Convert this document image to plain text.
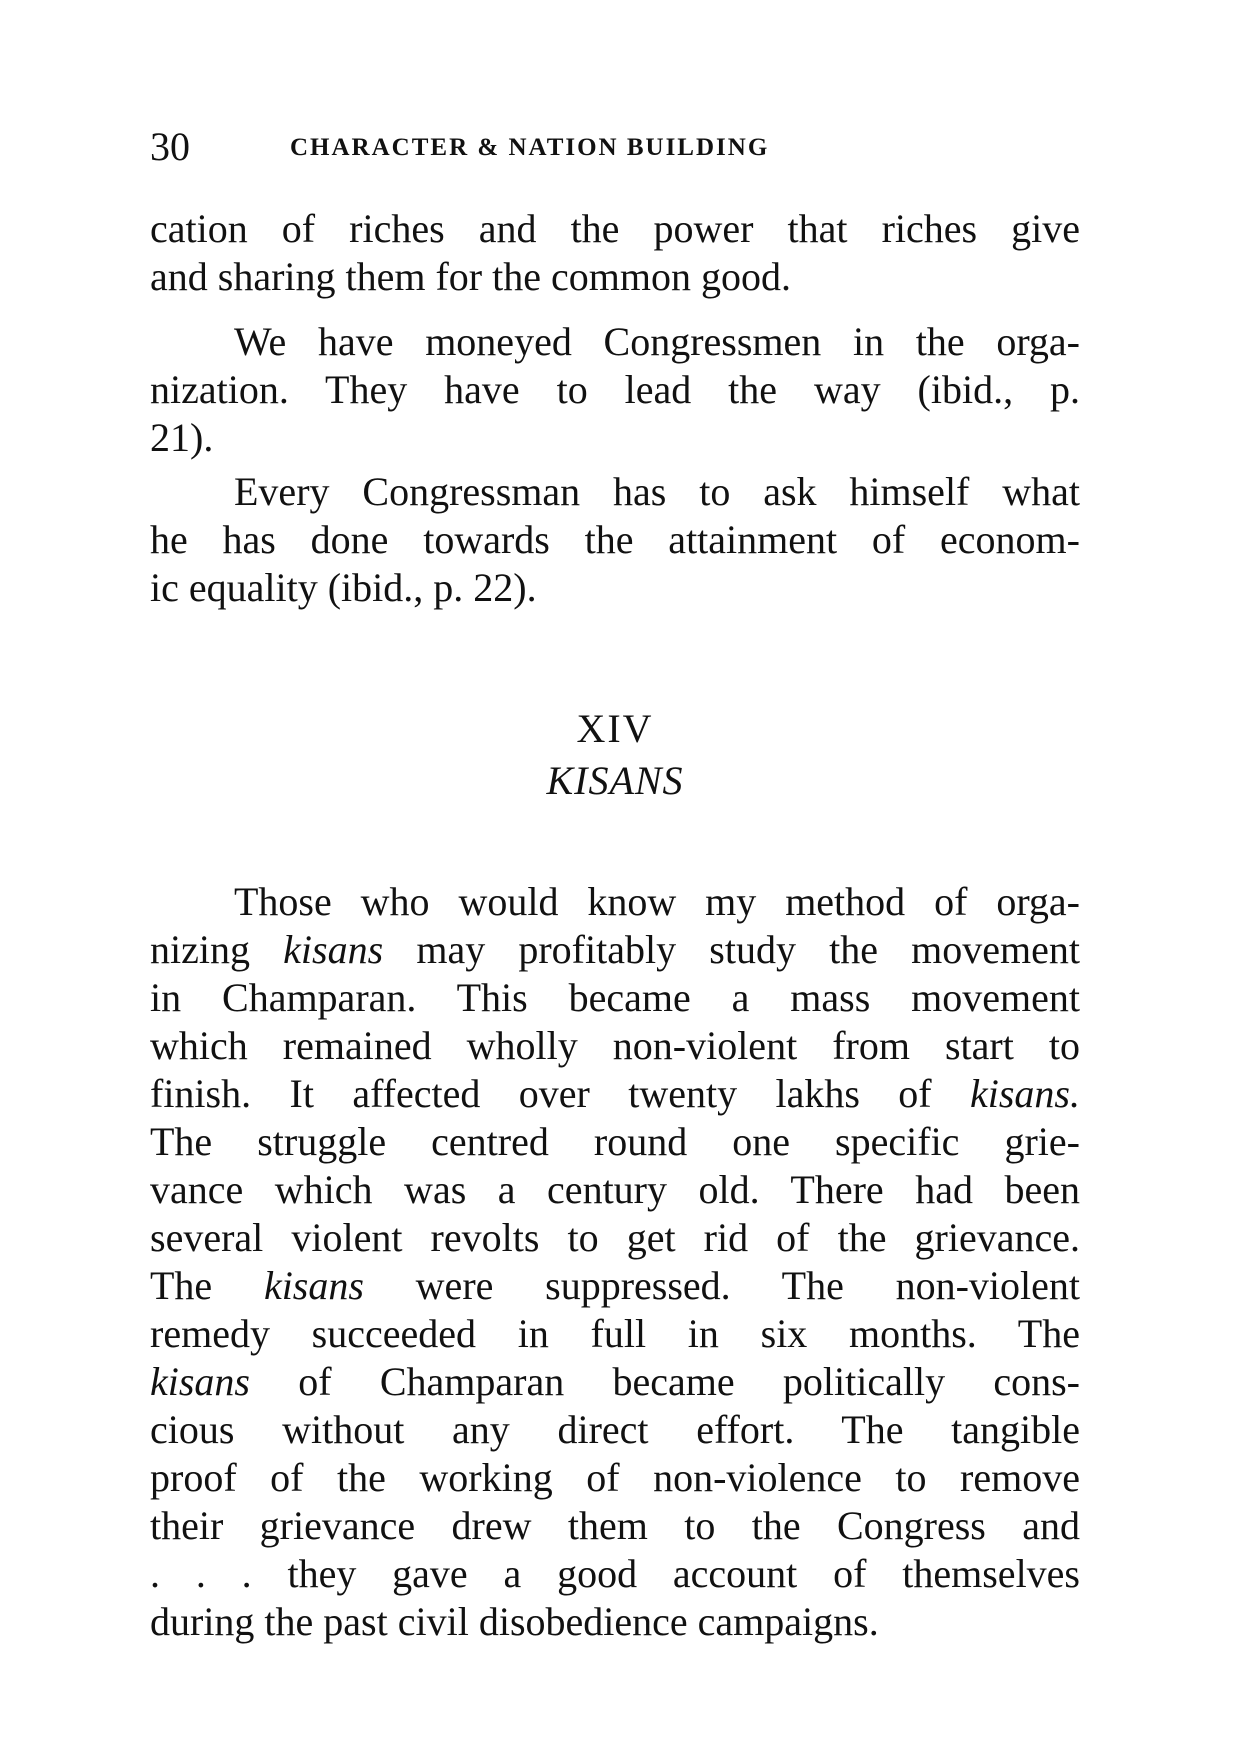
30	CHARACTER & NATION BUILDING
cation of riches and the power that riches give
and sharing them for the common good.
We have moneyed Congressmen in the orga-
nization. They have to lead the way (ibid., p.
21).
Every Congressman has to ask himself what
he has done towards the attainment of econom-
ic equality (ibid., p. 22).
XIV
KISANS
Those who would know my method of orga-
nizing kisans may profitably study the movement
in Champaran. This became a mass movement
which remained wholly non-violent from start to
finish. It affected over twenty lakhs of kisans.
The struggle centred round one specific grie-
vance which was a century old. There had been
several violent revolts to get rid of the grievance.
The kisans were suppressed. The non-violent
remedy succeeded in full in six months. The
kisans of Champaran became politically cons-
cious without any direct effort. The tangible
proof of the working of non-violence to remove
their grievance drew them to the Congress and
. . . they gave a good account of themselves
during the past civil disobedience campaigns.
